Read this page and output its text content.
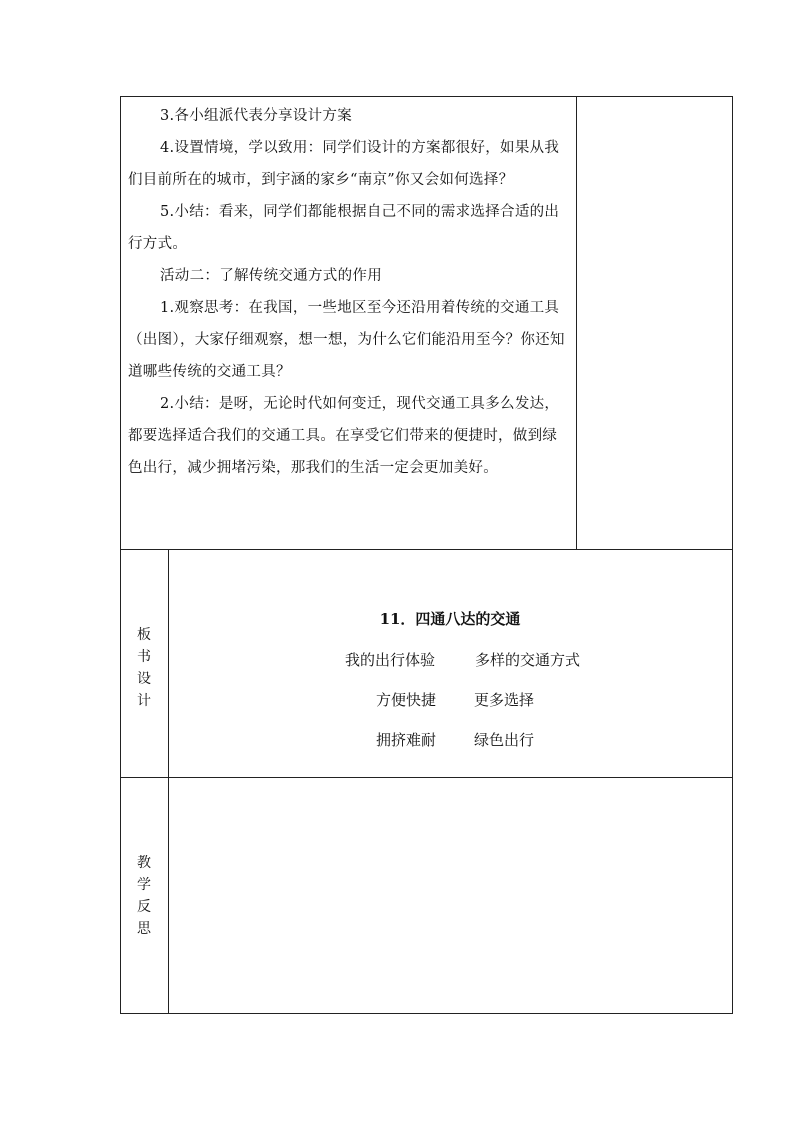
3.各小组派代表分享设计方案

4.设置情境，学以致用：同学们设计的方案都很好，如果从我们目前所在的城市，到宇涵的家乡“南京”你又会如何选择？

5.小结：看来，同学们都能根据自己不同的需求选择合适的出行方式。

活动二：了解传统交通方式的作用

1.观察思考：在我国，一些地区至今还沿用着传统的交通工具（出图），大家仔细观察，想一想，为什么它们能沿用至今？你还知道哪些传统的交通工具？

2.小结：是呀，无论时代如何变迁，现代交通工具多么发达，都要选择适合我们的交通工具。在享受它们带来的便捷时，做到绿色出行，减少拥堵污染，那我们的生活一定会更加美好。

板
书
设
计
11．四通八达的交通
我的出行体验	多样的交通方式
方便快捷	更多选择
拥挤难耐	绿色出行
教
学
反
思
